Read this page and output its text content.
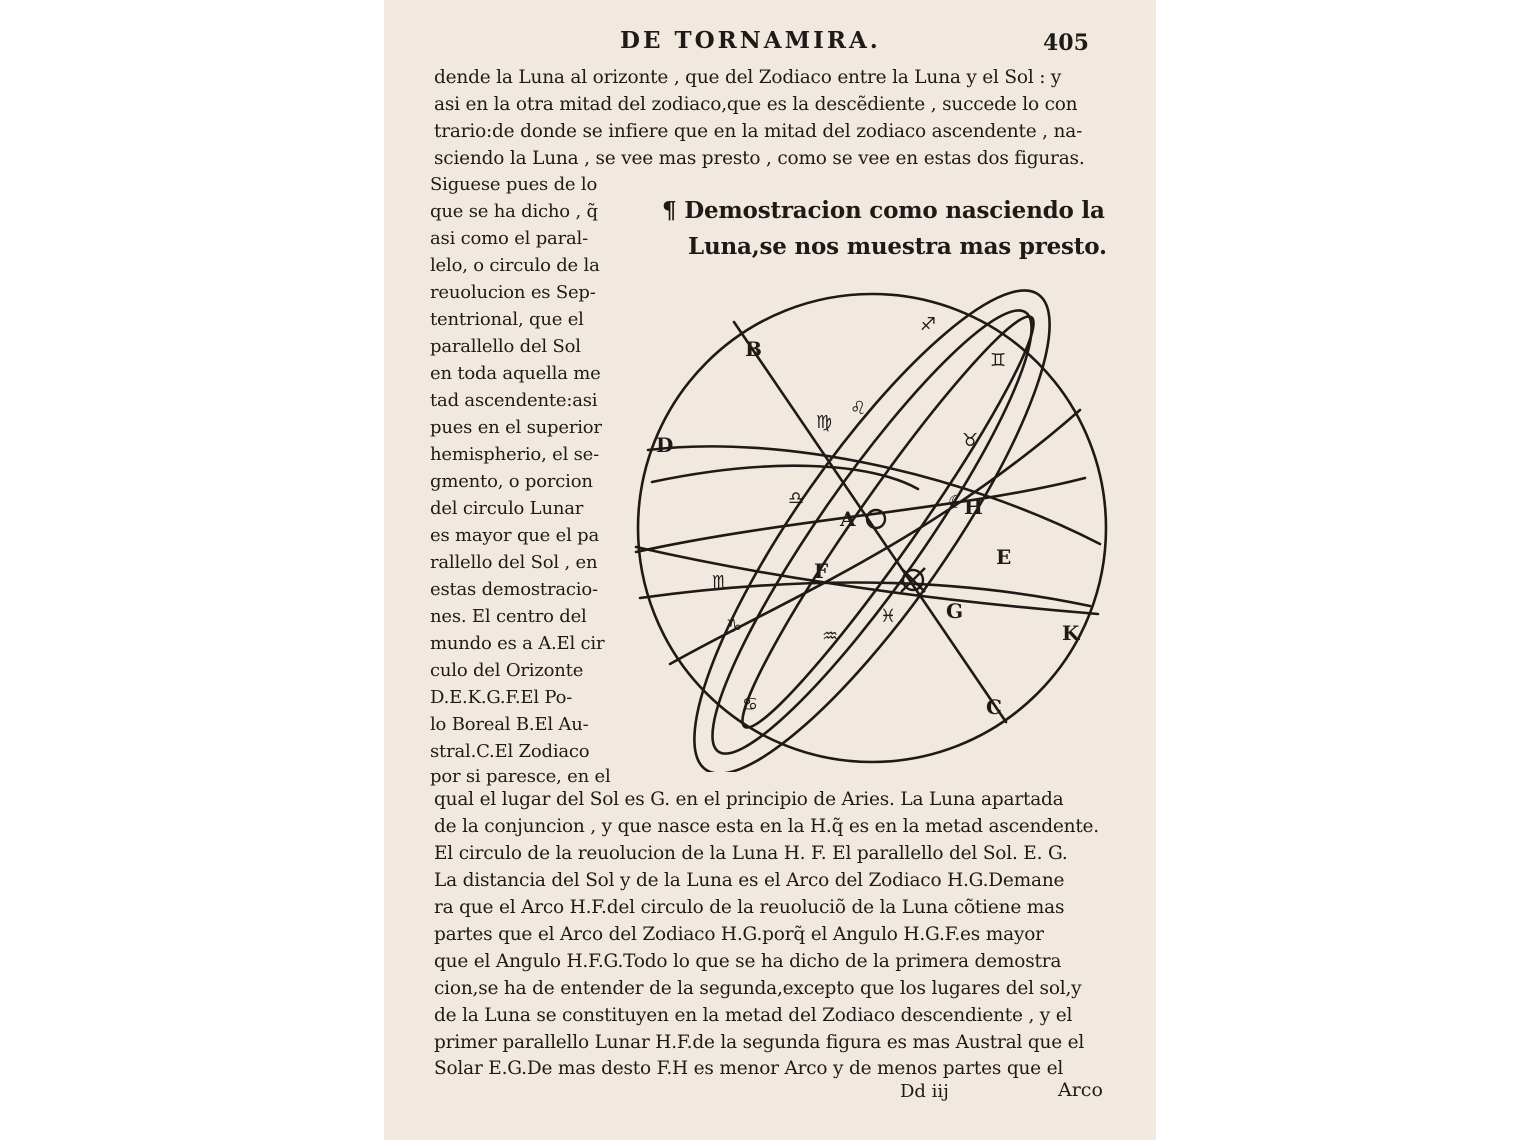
DE TORNAMIRA.	405
dende la Luna al orizonte , que del Zodiaco entre la Luna y el Sol : y
asi en la otra mitad del zodiaco,que es la descẽdiente , succede lo con
trario:de donde se infiere que en la mitad del zodiaco ascendente , na-
sciendo la Luna , se vee mas presto , como se vee en estas dos figuras.
Siguese pues de lo
que se ha dicho , q̃
asi como el paral-
lelo, o circulo de la
reuolucion es Sep-
tentrional, que el
parallello del Sol
en toda aquella me
tad ascendente:asi
pues en el superior
hemispherio, el se-
gmento, o porcion
del circulo Lunar
es mayor que el pa
rallello del Sol , en
estas demostracio-
nes. El centro del
mundo es a A.El cir
culo del Orizonte
D.E.K.G.F.El Po-
lo Boreal B.El Au-
stral.C.El Zodiaco
por si paresce, en el
¶ Demostracion como nasciendo la
Luna,se nos muestra mas presto.
B
D
A	H
E
F
G
K
C
♐
♊
♉
♍
♌
♎
♏
♑	♒
♓
♋
☾
qual el lugar del Sol es G. en el principio de Aries. La Luna apartada
de la conjuncion , y que nasce esta en la H.q̃ es en la metad ascendente.
El circulo de la reuolucion de la Luna H. F. El parallello del Sol. E. G.
La distancia del Sol y de la Luna es el Arco del Zodiaco H.G.Demane
ra que el Arco H.F.del circulo de la reuoluciõ de la Luna cõtiene mas
partes que el Arco del Zodiaco H.G.porq̃ el Angulo H.G.F.es mayor
que el Angulo H.F.G.Todo lo que se ha dicho de la primera demostra
cion,se ha de entender de la segunda,excepto que los lugares del sol,y
de la Luna se constituyen en la metad del Zodiaco descendiente , y el
primer parallello Lunar H.F.de la segunda figura es mas Austral que el
Solar E.G.De mas desto F.H es menor Arco y de menos partes que el
Dd iij	Arco
